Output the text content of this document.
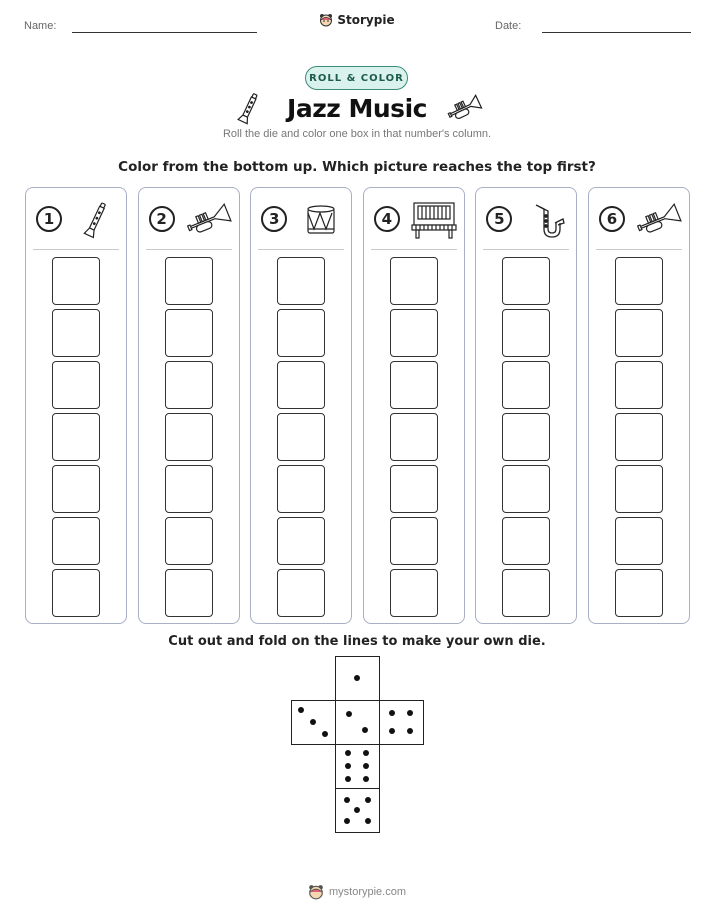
Name:	Storypie	Date:
ROLL & COLOR
Jazz Music
Roll the die and color one box in that number's column.
Color from the bottom up. Which picture reaches the top first?
1	2	3	4	5	6
Cut out and fold on the lines to make your own die.
mystorypie.com
